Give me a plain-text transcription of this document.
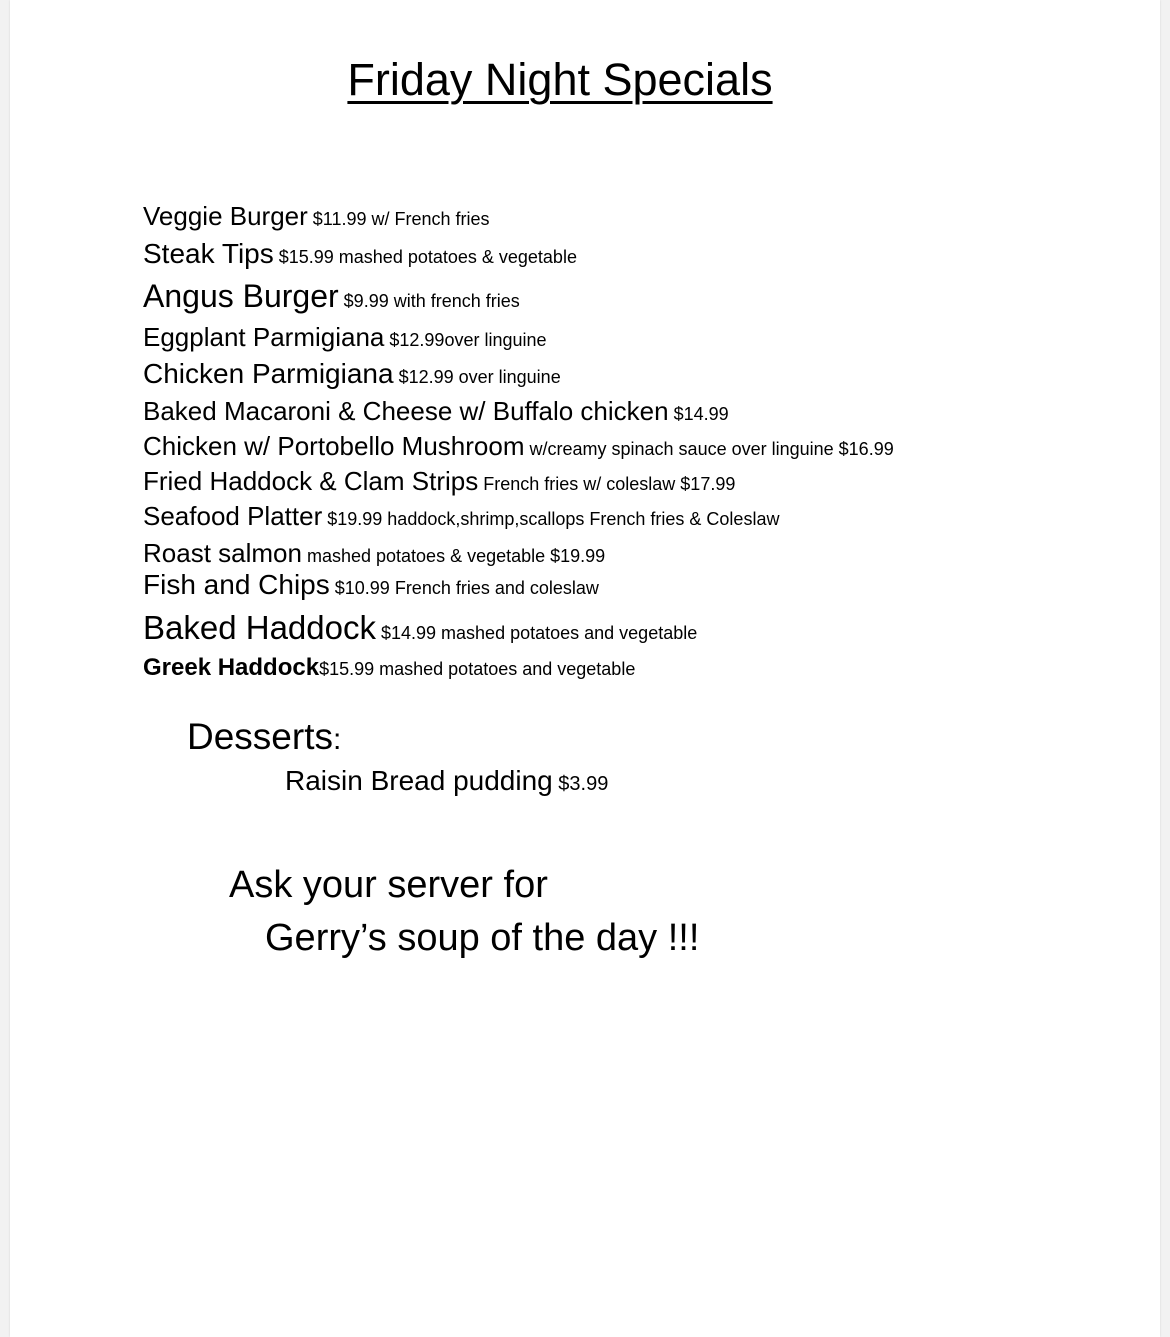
Friday Night Specials
Veggie Burger $11.99 w/ French fries
Steak Tips $15.99 mashed potatoes & vegetable
Angus Burger $9.99 with french fries
Eggplant Parmigiana $12.99over linguine
Chicken Parmigiana $12.99 over linguine
Baked Macaroni & Cheese w/ Buffalo chicken $14.99
Chicken w/ Portobello Mushroom w/creamy spinach sauce over linguine $16.99
Fried Haddock & Clam Strips French fries w/ coleslaw $17.99
Seafood Platter $19.99 haddock,shrimp,scallops French fries & Coleslaw
Roast salmon mashed potatoes & vegetable $19.99
Fish and Chips $10.99 French fries and coleslaw
Baked Haddock $14.99 mashed potatoes and vegetable
Greek Haddock$15.99 mashed potatoes and vegetable
Desserts:
Raisin Bread pudding $3.99
Ask your server for
Gerry’s soup of the day !!!
